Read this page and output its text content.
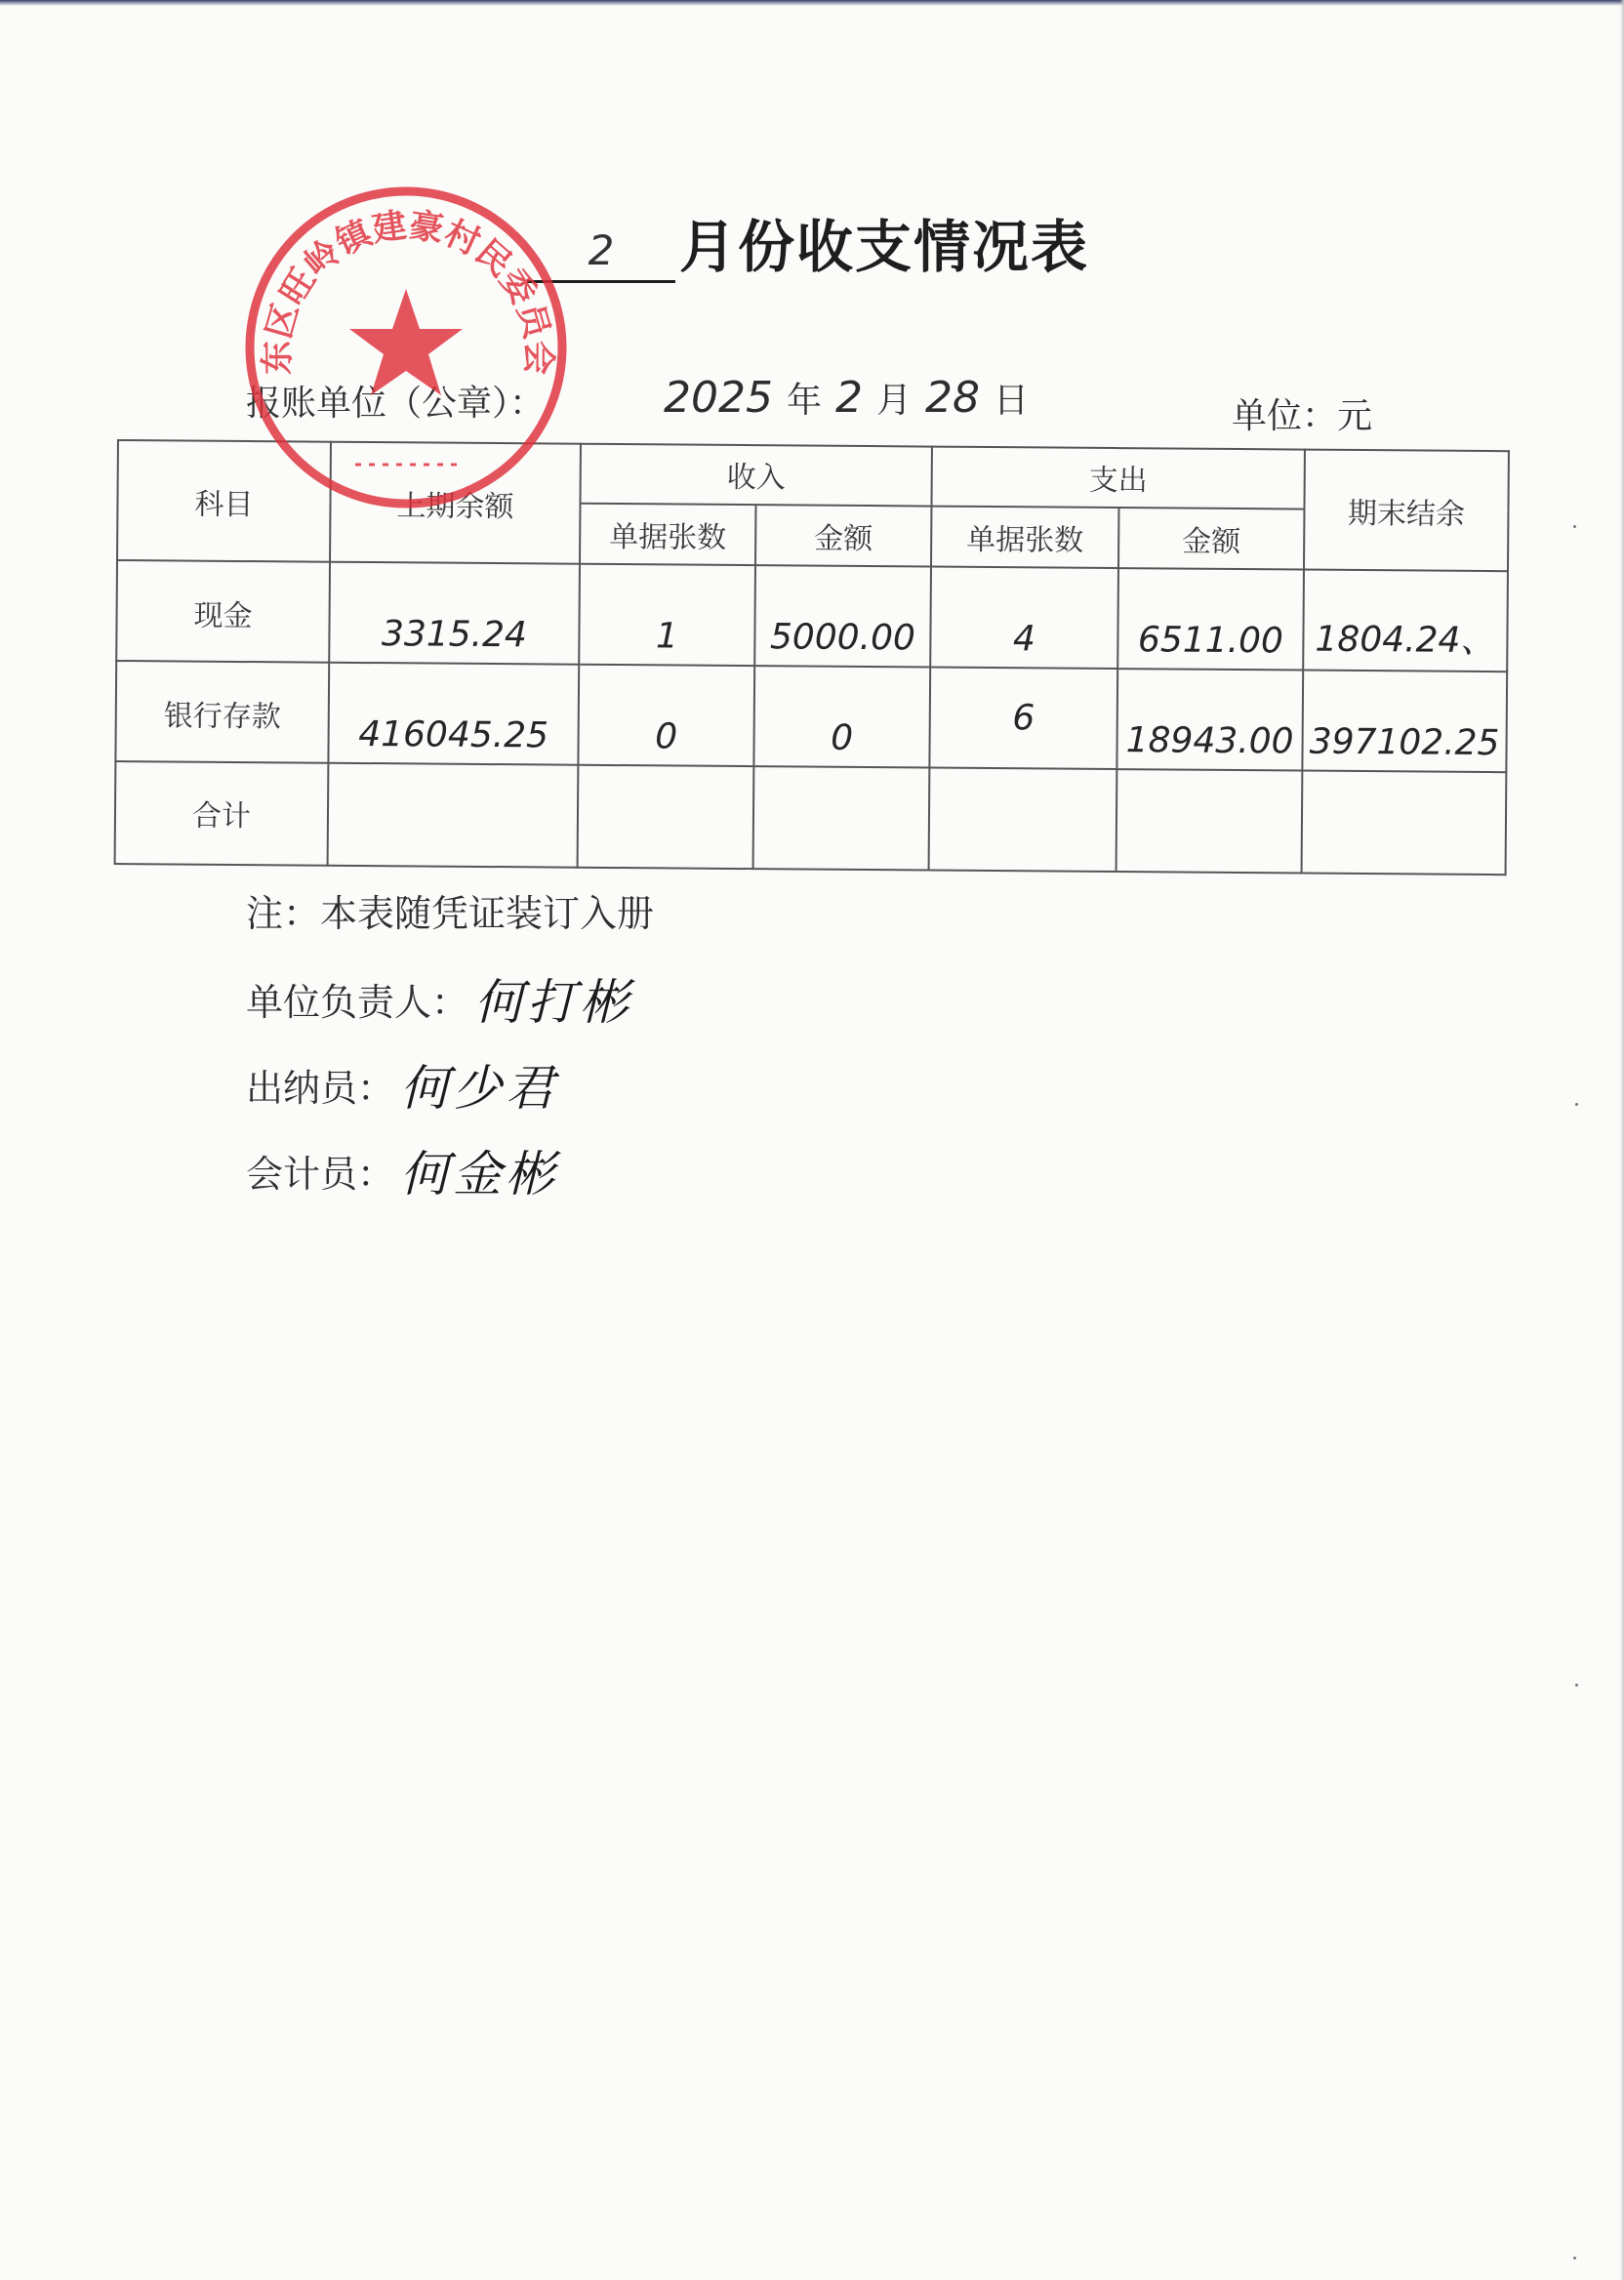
2	月份收支情况表
报账单位（公章）：	2025 年 2 月 28 日	单位：元
科目	上期余额	收入		支出		期末结余
		单据张数	金额	单据张数	金额	
现金	3315.24	1	5000.00	4	6511.00	1804.24、
银行存款	416045.25	0	0	6	18943.00	397102.25
合计						
东区旺岭镇建豪村民委员会
注：本表随凭证装订入册
单位负责人： 何打彬
出纳员： 何少君
会计员： 何金彬
